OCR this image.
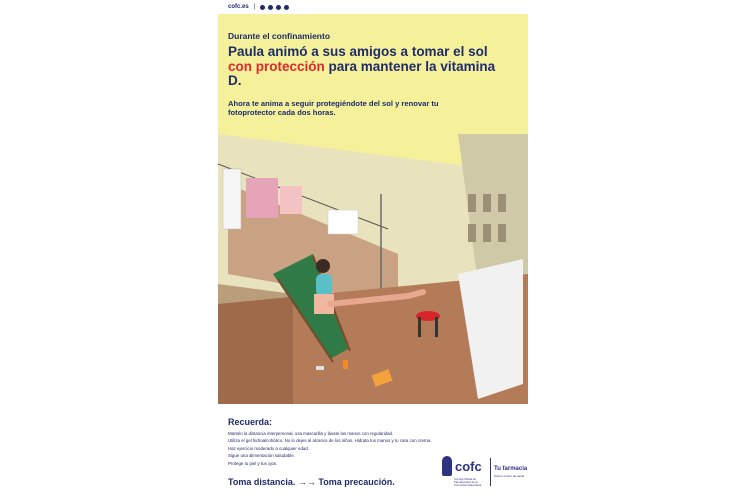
cofc.es |
Durante el confinamiento
Paula animó a sus amigos a tomar el sol con protección para mantener la vitamina D.
Ahora te anima a seguir protegiéndote del sol y renovar tu fotoprotector cada dos horas.
Recuerda:
Mantén la distancia interpersonal, usa mascarilla y lávate las manos con regularidad.
Utiliza el gel hidroalcohólico. No lo dejes al alcance de los niños. Hidrata tus manos y tu cara con crema.
Haz ejercicio moderado a cualquier edad.
Sigue una alimentación saludable.
Protege tu piel y tus ojos.
Toma distancia. →→ Toma precaución.
cofc
Col·legi Oficial de Farmacèutics de la Comunitat Valenciana
Tu farmacia
Primer centro de salud
